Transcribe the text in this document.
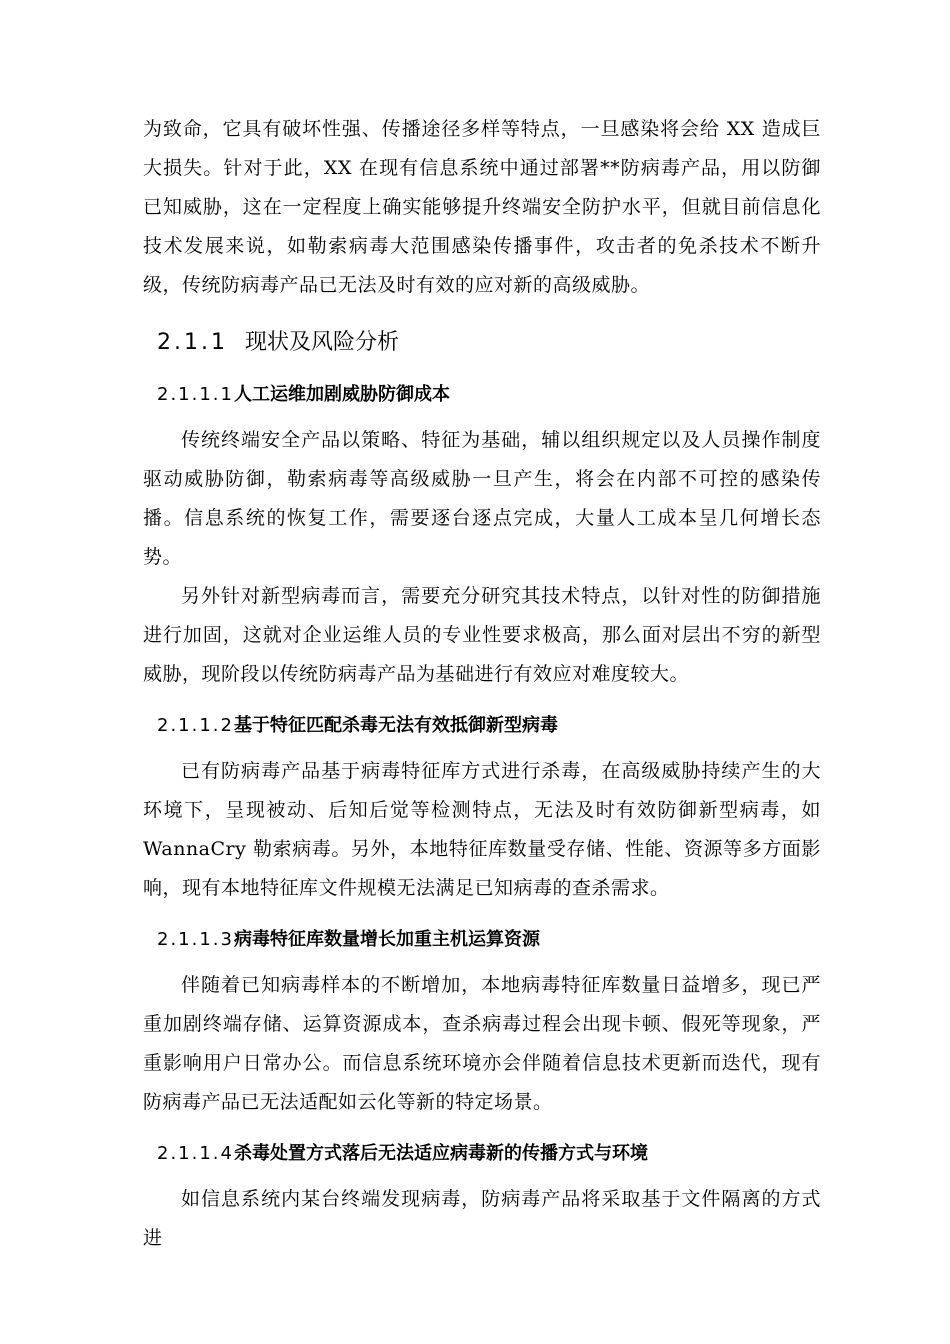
为致命，它具有破坏性强、传播途径多样等特点，一旦感染将会给 XX 造成巨大损失。针对于此，XX 在现有信息系统中通过部署**防病毒产品，用以防御已知威胁，这在一定程度上确实能够提升终端安全防护水平，但就目前信息化技术发展来说，如勒索病毒大范围感染传播事件，攻击者的免杀技术不断升级，传统防病毒产品已无法及时有效的应对新的高级威胁。

2.1.1 现状及风险分析
2.1.1.1人工运维加剧威胁防御成本

传统终端安全产品以策略、特征为基础，辅以组织规定以及人员操作制度驱动威胁防御，勒索病毒等高级威胁一旦产生，将会在内部不可控的感染传播。信息系统的恢复工作，需要逐台逐点完成，大量人工成本呈几何增长态势。

另外针对新型病毒而言，需要充分研究其技术特点，以针对性的防御措施进行加固，这就对企业运维人员的专业性要求极高，那么面对层出不穷的新型威胁，现阶段以传统防病毒产品为基础进行有效应对难度较大。

2.1.1.2基于特征匹配杀毒无法有效抵御新型病毒

已有防病毒产品基于病毒特征库方式进行杀毒，在高级威胁持续产生的大环境下，呈现被动、后知后觉等检测特点，无法及时有效防御新型病毒，如 WannaCry 勒索病毒。另外，本地特征库数量受存储、性能、资源等多方面影响，现有本地特征库文件规模无法满足已知病毒的查杀需求。

2.1.1.3病毒特征库数量增长加重主机运算资源

伴随着已知病毒样本的不断增加，本地病毒特征库数量日益增多，现已严重加剧终端存储、运算资源成本，查杀病毒过程会出现卡顿、假死等现象，严重影响用户日常办公。而信息系统环境亦会伴随着信息技术更新而迭代，现有防病毒产品已无法适配如云化等新的特定场景。

2.1.1.4杀毒处置方式落后无法适应病毒新的传播方式与环境

如信息系统内某台终端发现病毒，防病毒产品将采取基于文件隔离的方式进
